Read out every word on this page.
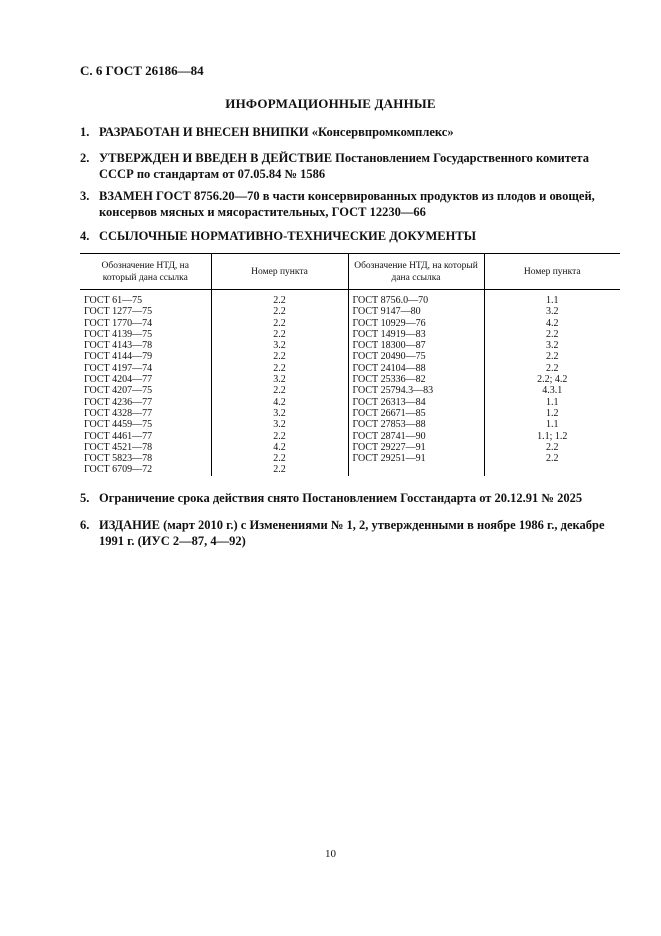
С. 6 ГОСТ 26186—84
ИНФОРМАЦИОННЫЕ ДАННЫЕ
1. РАЗРАБОТАН И ВНЕСЕН ВНИПКИ «Консервпромкомплекс»
2. УТВЕРЖДЕН И ВВЕДЕН В ДЕЙСТВИЕ Постановлением Государственного комитета СССР по стандартам от 07.05.84 № 1586
3. ВЗАМЕН ГОСТ 8756.20—70 в части консервированных продуктов из плодов и овощей, консервов мясных и мясорастительных, ГОСТ 12230—66
4. ССЫЛОЧНЫЕ НОРМАТИВНО-ТЕХНИЧЕСКИЕ ДОКУМЕНТЫ
Обозначение НТД, на который дана ссылка	Номер пункта	Обозначение НТД, на который дана ссылка	Номер пункта
ГОСТ 61—75	2.2	ГОСТ 8756.0—70	1.1
ГОСТ 1277—75	2.2	ГОСТ 9147—80	3.2
ГОСТ 1770—74	2.2	ГОСТ 10929—76	4.2
ГОСТ 4139—75	2.2	ГОСТ 14919—83	2.2
ГОСТ 4143—78	3.2	ГОСТ 18300—87	3.2
ГОСТ 4144—79	2.2	ГОСТ 20490—75	2.2
ГОСТ 4197—74	2.2	ГОСТ 24104—88	2.2
ГОСТ 4204—77	3.2	ГОСТ 25336—82	2.2; 4.2
ГОСТ 4207—75	2.2	ГОСТ 25794.3—83	4.3.1
ГОСТ 4236—77	4.2	ГОСТ 26313—84	1.1
ГОСТ 4328—77	3.2	ГОСТ 26671—85	1.2
ГОСТ 4459—75	3.2	ГОСТ 27853—88	1.1
ГОСТ 4461—77	2.2	ГОСТ 28741—90	1.1; 1.2
ГОСТ 4521—78	4.2	ГОСТ 29227—91	2.2
ГОСТ 5823—78	2.2	ГОСТ 29251—91	2.2
ГОСТ 6709—72	2.2		
5. Ограничение срока действия снято Постановлением Госстандарта от 20.12.91 № 2025
6. ИЗДАНИЕ (март 2010 г.) с Изменениями № 1, 2, утвержденными в ноябре 1986 г., декабре 1991 г. (ИУС 2—87, 4—92)
10
